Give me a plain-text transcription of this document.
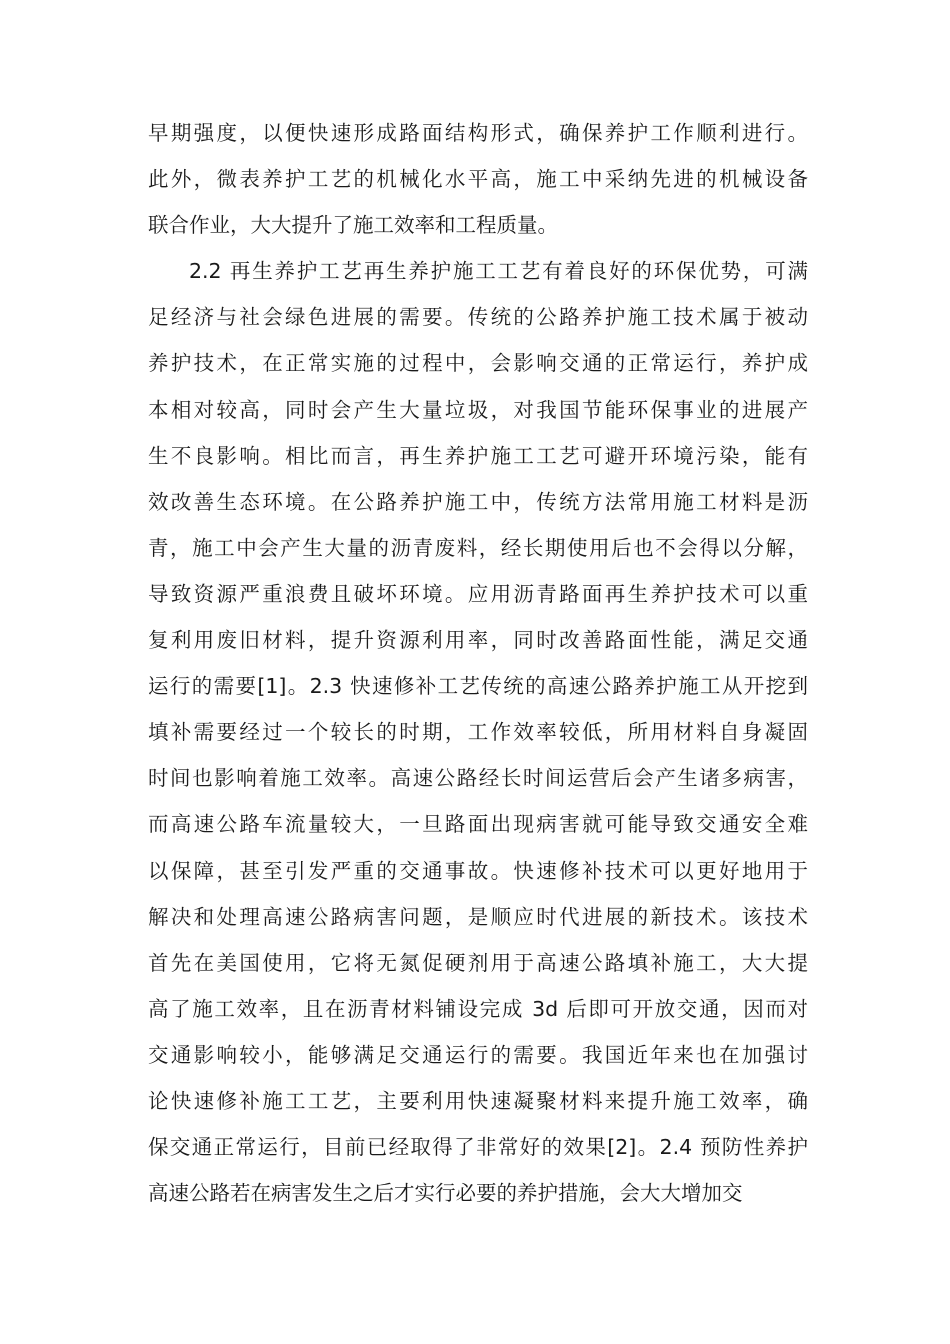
早期强度，以便快速形成路面结构形式，确保养护工作顺利进行。
此外，微表养护工艺的机械化水平高，施工中采纳先进的机械设备
联合作业，大大提升了施工效率和工程质量。
2.2 再生养护工艺再生养护施工工艺有着良好的环保优势，可满
足经济与社会绿色进展的需要。传统的公路养护施工技术属于被动
养护技术，在正常实施的过程中，会影响交通的正常运行，养护成
本相对较高，同时会产生大量垃圾，对我国节能环保事业的进展产
生不良影响。相比而言，再生养护施工工艺可避开环境污染，能有
效改善生态环境。在公路养护施工中，传统方法常用施工材料是沥
青，施工中会产生大量的沥青废料，经长期使用后也不会得以分解，
导致资源严重浪费且破坏环境。应用沥青路面再生养护技术可以重
复利用废旧材料，提升资源利用率，同时改善路面性能，满足交通
运行的需要[1]。2.3 快速修补工艺传统的高速公路养护施工从开挖到
填补需要经过一个较长的时期，工作效率较低，所用材料自身凝固
时间也影响着施工效率。高速公路经长时间运营后会产生诸多病害，
而高速公路车流量较大，一旦路面出现病害就可能导致交通安全难
以保障，甚至引发严重的交通事故。快速修补技术可以更好地用于
解决和处理高速公路病害问题，是顺应时代进展的新技术。该技术
首先在美国使用，它将无氮促硬剂用于高速公路填补施工，大大提
高了施工效率，且在沥青材料铺设完成 3d 后即可开放交通，因而对
交通影响较小，能够满足交通运行的需要。我国近年来也在加强讨
论快速修补施工工艺，主要利用快速凝聚材料来提升施工效率，确
保交通正常运行，目前已经取得了非常好的效果[2]。2.4 预防性养护
高速公路若在病害发生之后才实行必要的养护措施，会大大增加交
